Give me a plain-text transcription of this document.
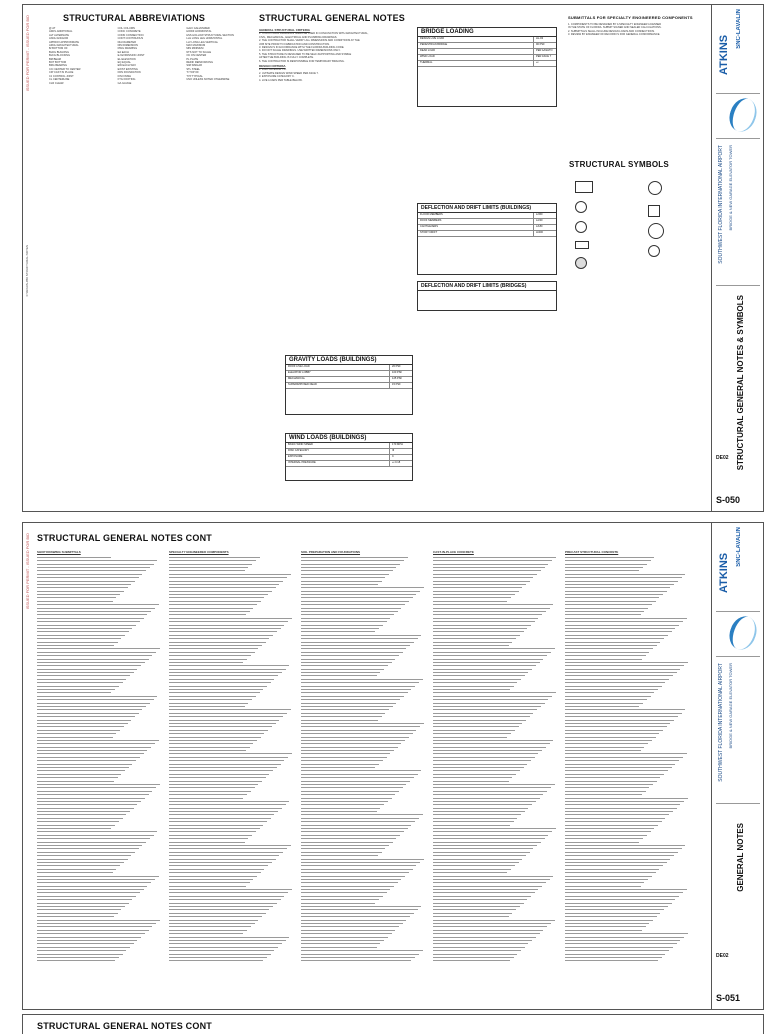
ISSUED FOR PERMIT - ISSUED FOR BID
C:\SFIA\S-050 STRUCTURAL NOTES
STRUCTURAL ABBREVIATIONS	STRUCTURAL GENERAL NOTES
@ AT
ADD'L ADDITIONAL
ALT ALTERNATE
ANCH ANCHOR
APPROX APPROXIMATE
ARCH ARCHITECTURAL
B/ BOTTOM OF
BLDG BUILDING
BLKG BLOCKING
BM BEAM
BOT BOTTOM
BRG BEARING
C/C CENTER TO CENTER
CIP CAST IN PLACE
CJ CONTROL JOINT
CL CENTERLINE
CLR CLEAR
COL COLUMN
CONC CONCRETE
CONN CONNECTION
CONT CONTINUOUS
DIA DIAMETER
DIM DIMENSION
DWG DRAWING
EA EACH
EJ EXPANSION JOINT
EL ELEVATION
EQ EQUAL
EW EACH WAY
EXIST EXISTING
FDN FOUNDATION
FIN FINISH
FTG FOOTING
GA GAUGE
GALV GALVANIZED
HORIZ HORIZONTAL
HSS HOLLOW STRUCTURAL SECTION
LLH LONG LEG HORIZONTAL
LLV LONG LEG VERTICAL
MAX MAXIMUM
MIN MINIMUM
NTS NOT TO SCALE
OC ON CENTER
PL PLATE
REINF REINFORCING
SIM SIMILAR
STL STEEL
T/ TOP OF
TYP TYPICAL
UNO UNLESS NOTED OTHERWISE
GENERAL STRUCTURAL CRITERIA
1. STRUCTURAL DRAWINGS SHALL BE USED IN CONJUNCTION WITH ARCHITECTURAL,
CIVIL, MECHANICAL, ELECTRICAL AND PLUMBING DRAWINGS.
2. THE CONTRACTOR SHALL VERIFY ALL DIMENSIONS AND CONDITIONS AT THE
JOB SITE PRIOR TO FABRICATION AND CONSTRUCTION.
3. DESIGN IS IN ACCORDANCE WITH THE FLORIDA BUILDING CODE.
4. DO NOT SCALE DRAWINGS. USE WRITTEN DIMENSIONS ONLY.
5. THE STRUCTURE IS DESIGNED TO BE SELF-SUPPORTING AND STABLE
AFTER THE BUILDING IS FULLY COMPLETE.
6. THE CONTRACTOR IS RESPONSIBLE FOR TEMPORARY BRACING.
DESIGN CRITERIA
1. RISK CATEGORY III.
2. ULTIMATE DESIGN WIND SPEED PER ASCE 7.
3. EXPOSURE CATEGORY C.
4. LIVE LOADS PER TABLE BELOW.
BRIDGE LOADING
DESIGN LIVE LOAD	HL-93
PEDESTRIAN BRIDGE	90 PSF
DEAD LOAD	PER AASHTO
WIND LOAD	PER ASCE 7
THERMAL	+/-
DEFLECTION AND DRIFT LIMITS (BUILDINGS)
FLOOR MEMBERS	L/360
ROOF MEMBERS	L/240
CANTILEVERS	L/180
STORY DRIFT	H/400
DEFLECTION AND DRIFT LIMITS (BRIDGES)
GRAVITY LOADS (BUILDINGS)
ROOF LIVE LOAD	20 PSF
ELEVATOR LOBBY	100 PSF
MECHANICAL	125 PSF
SUPERIMPOSED DEAD	15 PSF
WIND LOADS (BUILDINGS)
BASIC WIND SPEED	170 MPH
RISK CATEGORY	III
EXPOSURE	C
INTERNAL PRESSURE	+/-0.18
SUBMITTALS FOR SPECIALTY ENGINEERED COMPONENTS
1. COMPONENTS TO BE DESIGNED BY A SPECIALTY ENGINEER LICENSED
IN THE STATE OF FLORIDA. SUBMIT SIGNED AND SEALED CALCULATIONS.
2. SUBMITTALS SHALL INCLUDE DESIGN LOADS AND CONNECTIONS.
3. REVIEW BY ENGINEER OF RECORD IS FOR GENERAL CONFORMANCE.
STRUCTURAL SYMBOLS
ATKINS
SNC-LAVALIN
SOUTHWEST FLORIDA INTERNATIONAL AIRPORT BRIDGE & NEW GARAGE ELEVATOR TOWER
STRUCTURAL GENERAL NOTES & SYMBOLS
DE02
S-050
ISSUED FOR PERMIT - ISSUED FOR BID STRUCTURAL GENERAL NOTES CONT
ATKINS
SNC-LAVALIN
SOUTHWEST FLORIDA INTERNATIONAL AIRPORT BRIDGE & NEW GARAGE ELEVATOR TOWER
GENERAL NOTES
DE02
S-051
SHOP DRAWING SUBMITTALS	SPECIALTY ENGINEERED COMPONENTS	SOIL PREPARATION AND FOUNDATIONS	CAST-IN-PLACE CONCRETE	PRECAST STRUCTURAL CONCRETE
STRUCTURAL GENERAL NOTES CONT
